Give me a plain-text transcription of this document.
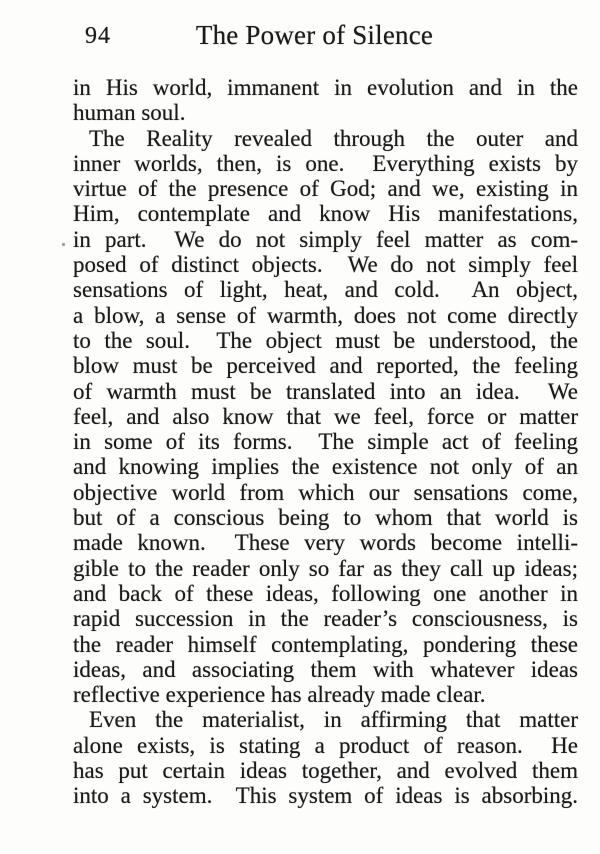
94	The Power of Silence
in His world, immanent in evolution and in the
human soul.
The Reality revealed through the outer and
inner worlds, then, is one.  Everything exists by
virtue of the presence of God; and we, existing in
Him, contemplate and know His manifestations,
in part.  We do not simply feel matter as com-
posed of distinct objects.  We do not simply feel
sensations of light, heat, and cold.  An object,
a blow, a sense of warmth, does not come directly
to the soul.  The object must be understood, the
blow must be perceived and reported, the feeling
of warmth must be translated into an idea.  We
feel, and also know that we feel, force or matter
in some of its forms.  The simple act of feeling
and knowing implies the existence not only of an
objective world from which our sensations come,
but of a conscious being to whom that world is
made known.  These very words become intelli-
gible to the reader only so far as they call up ideas;
and back of these ideas, following one another in
rapid succession in the reader’s consciousness, is
the reader himself contemplating, pondering these
ideas, and associating them with whatever ideas
reflective experience has already made clear.
Even the materialist, in affirming that matter
alone exists, is stating a product of reason.  He
has put certain ideas together, and evolved them
into a system.  This system of ideas is absorbing.
